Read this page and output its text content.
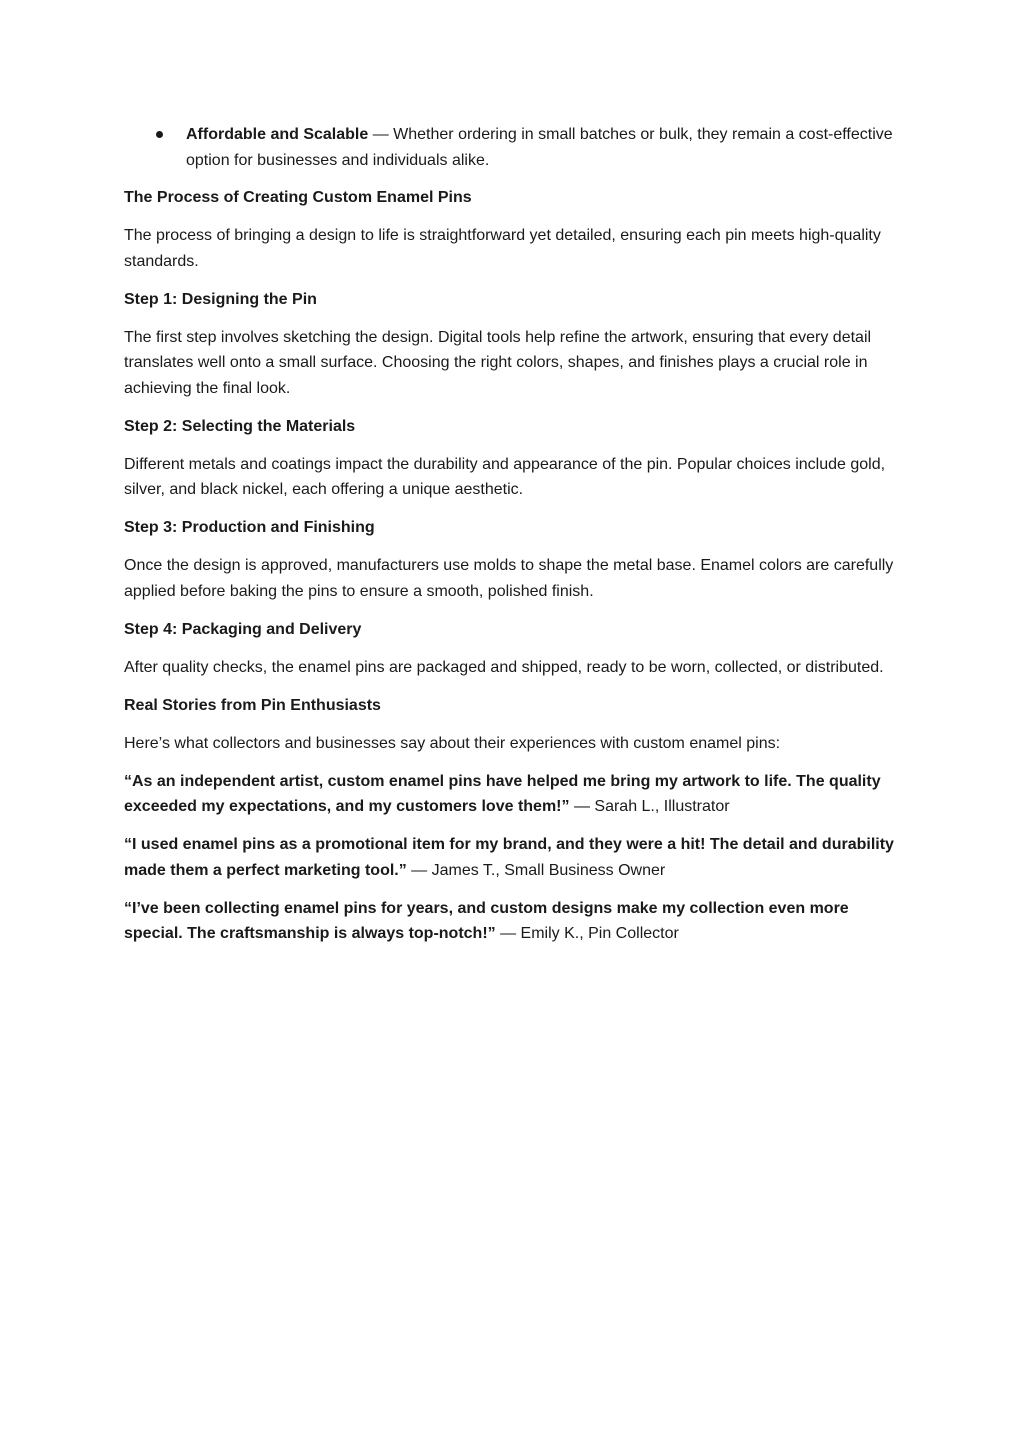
Affordable and Scalable — Whether ordering in small batches or bulk, they remain a cost-effective option for businesses and individuals alike.

The Process of Creating Custom Enamel Pins

The process of bringing a design to life is straightforward yet detailed, ensuring each pin meets high-quality standards.

Step 1: Designing the Pin

The first step involves sketching the design. Digital tools help refine the artwork, ensuring that every detail translates well onto a small surface. Choosing the right colors, shapes, and finishes plays a crucial role in achieving the final look.

Step 2: Selecting the Materials

Different metals and coatings impact the durability and appearance of the pin. Popular choices include gold, silver, and black nickel, each offering a unique aesthetic.

Step 3: Production and Finishing

Once the design is approved, manufacturers use molds to shape the metal base. Enamel colors are carefully applied before baking the pins to ensure a smooth, polished finish.

Step 4: Packaging and Delivery

After quality checks, the enamel pins are packaged and shipped, ready to be worn, collected, or distributed.

Real Stories from Pin Enthusiasts

Here’s what collectors and businesses say about their experiences with custom enamel pins:

“As an independent artist, custom enamel pins have helped me bring my artwork to life. The quality exceeded my expectations, and my customers love them!” — Sarah L., Illustrator

“I used enamel pins as a promotional item for my brand, and they were a hit! The detail and durability made them a perfect marketing tool.” — James T., Small Business Owner

“I’ve been collecting enamel pins for years, and custom designs make my collection even more special. The craftsmanship is always top-notch!” — Emily K., Pin Collector
